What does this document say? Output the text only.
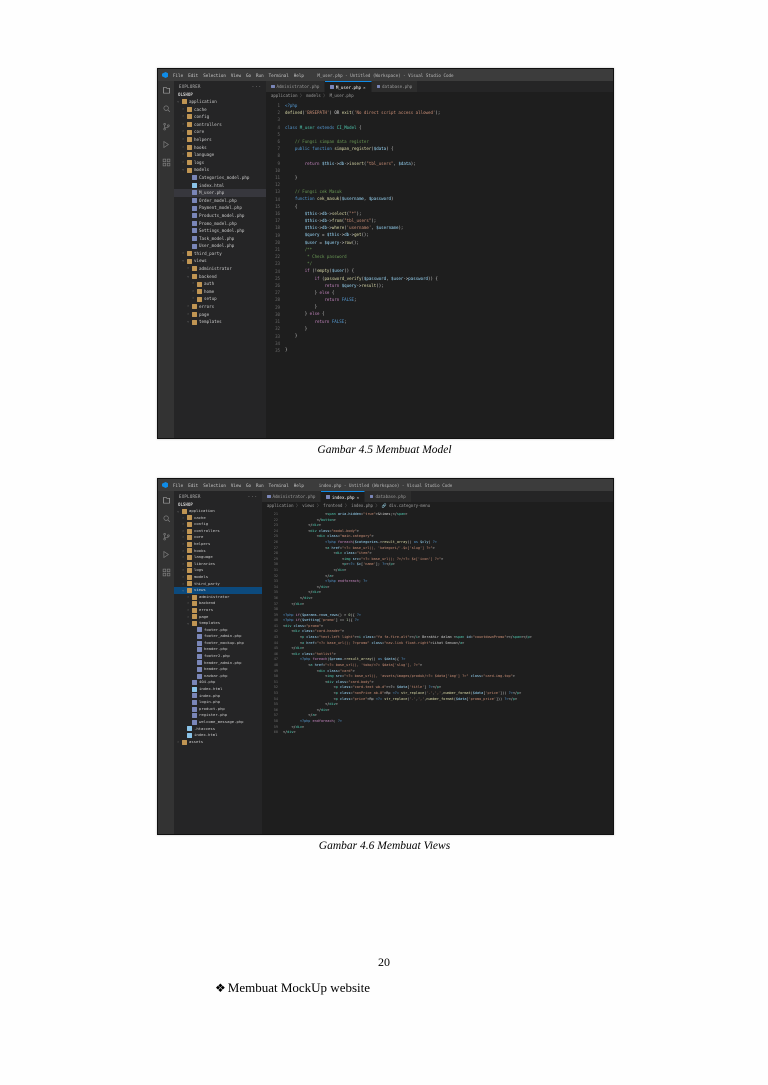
File Edit Selection View Go Run Terminal Help	M_user.php - Untitled (Workspace) - Visual Studio Code
EXPLORER	···
OLSHOP
⌄	application
›	cache
›	config
›	controllers
›	core
›	helpers
›	hooks
›	language
›	logs
⌄	models
Categories_model.php
index.html
M_user.php
Order_model.php
Payment_model.php
Products_model.php
Promo_model.php
Settings_model.php
Task_model.php
User_model.php
›	third_party
⌄	views
›	administrator
⌄	backend
›	auth
›	home
›	setup
›	errors
›	page
⌄	templates
Administrator.php	M_user.php ✕	database.php
application 〉 models 〉 M_user.php
1
2
3
4
5
6
7
8
9
10
11
12
13
14
15
16
17
18
19
20
21
22
23
24
25
26
27
28
29
30
31
32
33
34
35
<?php
defined('BASEPATH') OR exit('No direct script access allowed');

class M_user extends CI_Model {

// Fungsi simpan data register
public function simpan_register($data) {

return $this->db->insert("tbl_users", $data);

}

// Fungsi cek Masuk
function cek_masuk($username, $password)
{
$this->db->select("*");
$this->db->from("tbl_users");
$this->db->where('username', $username);
$query = $this->db->get();
$user = $query->row();
/**
* Check password
*/
if (!empty($user)) {
if (password_verify($password, $user->password)) {
return $query->result();
} else {
return FALSE;
}
} else {
return FALSE;
}
}

}
Gambar 4.5 Membuat Model
File Edit Selection View Go Run Terminal Help	index.php - Untitled (Workspace) - Visual Studio Code
EXPLORER	···
OLSHOP
⌄	application
›	cache
›	config
›	controllers
›	core
›	helpers
›	hooks
›	language
›	libraries
›	logs
›	models
›	third_party
⌄	views
›	administrator
›	backend
›	errors
›	page
⌄	templates
footer.php
footer_admin.php
footer_mockup.php
header.php
footer2.php
header_admin.php
header.php
navbar.php
404.php
index.html
index.php
login.php
product.php
register.php
welcome_message.php
.htaccess
index.html
›	assets
Administrator.php	index.php ✕	database.php
application 〉 views 〉 frontend 〉 index.php 〉 🔗 div.category-menu
21
22
23
24
25
26
27
28
29
30
31
32
33
34
35
36
37
38
39
40
41
42
43
44
45
46
47
48
49
50
51
52
53
54
55
56
57
58
59
60
<span aria-hidden="true">&times;</span>
</button>
</div>
<div class="modal-body">
<div class="main-category">
<?php foreach($categories->result_array() as $cly) ?>
<a href="<?= base_url(), 'kategori/'.$c['slug'] ?>">
<div class="item">
<img src="<?= base_url(); ?>/<?= $c['icon'] ?>">
<p><?= $c['name']; ?></p>
</div>
</a>
<?php endforeach; ?>
</div>
</div>
</div>
</div>

<?php if($params->num_rows() > 0){ ?>
<?php if($setting['promo'] == 1){ ?>
<div class="promo">
<div class="card-header">
<p class="text-left light"><i class="fa fa-fire-alt"></i> Berakhir dalam <span id="countdownPromo"></span></p>
<a href="<?= base_url(); ?>promo" class="nav-link float-right">Lihat Semua</a>
</div>
<div class="hotlist">
<?php foreach($promo->result_array() as $data){ ?>
<a href="<?= base_url(), 'toko/<?= $data['slug'], ?>">
<div class="card">
<img src="<?= base_url(), 'assets/images/produk/<?= $data['img'] ?>" class="card-img-top">
<div class="card-body">
<p class="card-text wb-d"><?= $data['title'] ?></p>
<p class="nonPrice ab-0">Rp <?= str_replace('.',',',number_format($data['price'])) ?></p>
<p class="price">Rp <?= str_replace('.',',',number_format($data['promo_price'])) ?></p>
</div>
</div>
</a>
<?php endforeach; ?>
</div>
</div>
Gambar 4.6 Membuat Views
20
❖ Membuat MockUp website
